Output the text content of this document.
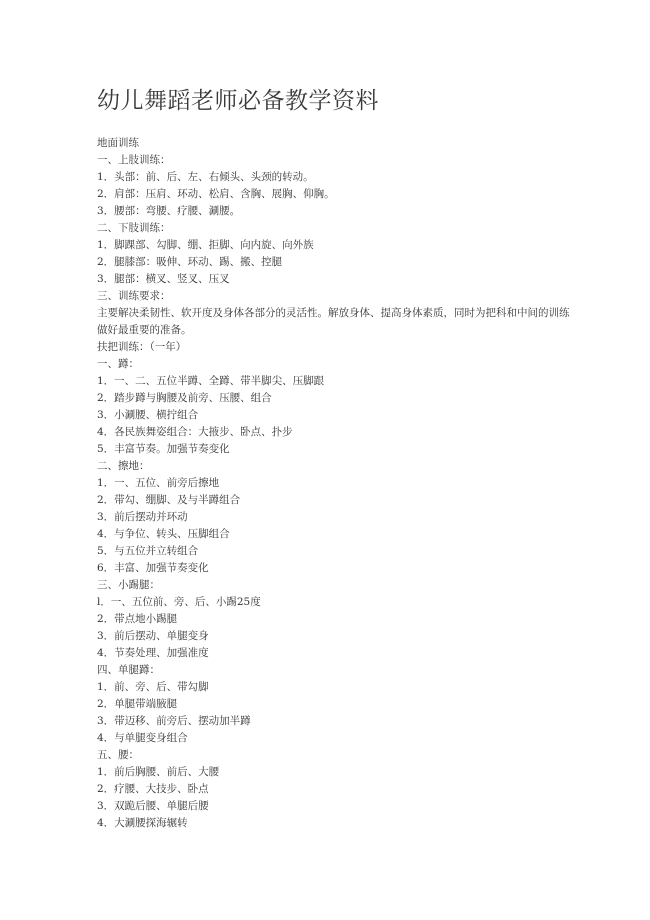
幼儿舞蹈老师必备教学资料
地面训练
一、上肢训练：
1．头部：前、后、左、右倾头、头颈的转动。
2．肩部：压肩、环动、松肩、含胸、展胸、仰胸。
3．腰部：弯腰、疗腰、涮腰。
二、下肢训练：
1．脚踝部、勾脚、绷、拒脚、向内旋、向外族
2．腿膝部：吸伸、环动、踢、搬、控腿
3．腿部：横叉、竖叉、压叉
三、训练要求：
主要解决柔韧性、软开度及身体各部分的灵活性。解放身体、提高身体素质，同时为把科和中间的训练做好最重要的准备。
扶把训练：（一年）
一、蹲：
1．一、二、五位半蹲、全蹲、带半脚尖、压脚跟
2．踏步蹲与胸腰及前旁、压腰、组合
3．小涮腰、横拧组合
4．各民族舞姿组合：大掖步、卧点、扑步
5．丰富节奏。加强节奏变化
二、擦地：
1．一、五位、前旁后擦地
2．带勾、绷脚、及与半蹲组合
3．前后摆动并环动
4．与争位、转头、压脚组合
5．与五位并立转组合
6．丰富、加强节奏变化
三、小踢腿：
l．一、五位前、旁、后、小踢25度
2．带点地小踢腿
3．前后摆动、单腿变身
4．节奏处理、加强准度
四、单腿蹲：
1．前、旁、后、带勾脚
2．单腿带端腋腿
3．带迈移、前旁后、摆动加半蹲
4．与单腿变身组合
五、腰：
1．前后胸腰、前后、大腰
2．疗腰、大技步、卧点
3．双跪后腰、单腿后腰
4．大涮腰探海辗转
